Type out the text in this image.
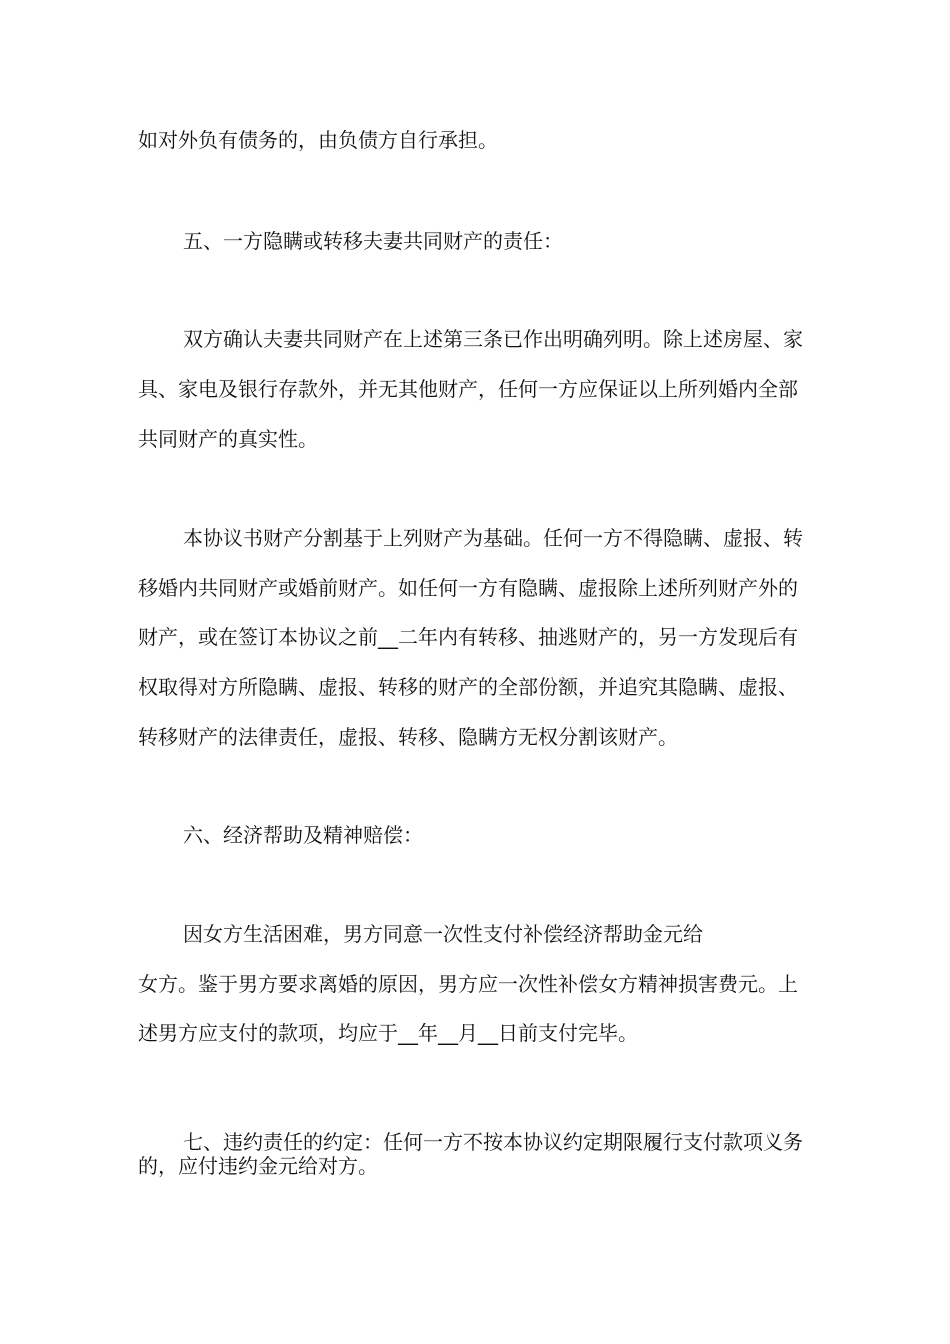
如对外负有债务的，由负债方自行承担。
五、一方隐瞒或转移夫妻共同财产的责任：
双方确认夫妻共同财产在上述第三条已作出明确列明。除上述房屋、家
具、家电及银行存款外，并无其他财产，任何一方应保证以上所列婚内全部
共同财产的真实性。
本协议书财产分割基于上列财产为基础。任何一方不得隐瞒、虚报、转
移婚内共同财产或婚前财产。如任何一方有隐瞒、虚报除上述所列财产外的
财产，或在签订本协议之前__二年内有转移、抽逃财产的，另一方发现后有
权取得对方所隐瞒、虚报、转移的财产的全部份额，并追究其隐瞒、虚报、
转移财产的法律责任，虚报、转移、隐瞒方无权分割该财产。
六、经济帮助及精神赔偿：
因女方生活困难，男方同意一次性支付补偿经济帮助金元给
女方。鉴于男方要求离婚的原因，男方应一次性补偿女方精神损害费元。上
述男方应支付的款项，均应于__年__月__日前支付完毕。
七、违约责任的约定：任何一方不按本协议约定期限履行支付款项义务
的，应付违约金元给对方。
